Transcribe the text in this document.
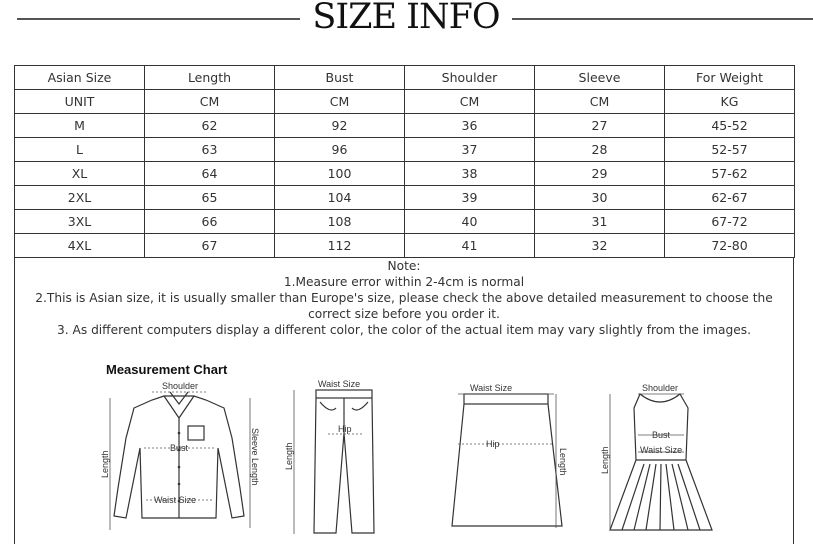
SIZE INFO
Asian Size	Length	Bust	Shoulder	Sleeve	For Weight
UNIT	CM	CM	CM	CM	KG
M	62	92	36	27	45-52
L	63	96	37	28	52-57
XL	64	100	38	29	57-62
2XL	65	104	39	30	62-67
3XL	66	108	40	31	67-72
4XL	67	112	41	32	72-80
Note:
1.Measure error within 2-4cm is normal
2.This is Asian size, it is usually smaller than Europe's size, please check the above detailed measurement to choose the correct size before you order it.
3. As different computers display a different color, the color of the actual item may vary slightly from the images.
Measurement Chart
Shoulder
Bust
Waist Size
Length	Sleeve Length
Waist Size
Hip
Length
Waist Size
Hip
Length
Shoulder
Bust
Waist Size
Length
